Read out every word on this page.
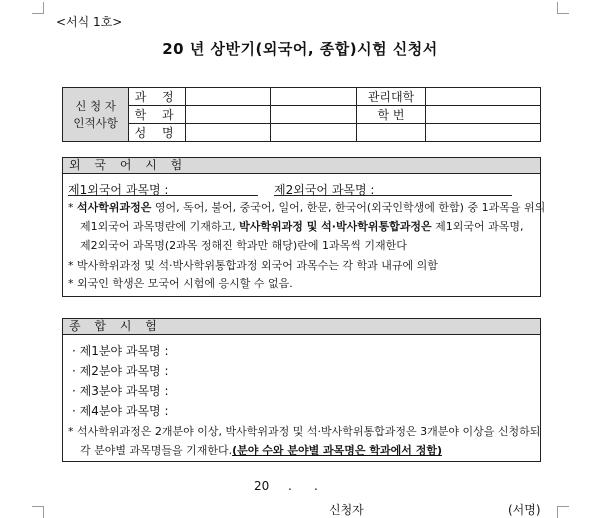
<서식 1호>
20 년 상반기(외국어, 종합)시험 신청서
신 청 자
인적사항	과 정			관리대학	
	학 과			학 번	
	성 명				
외 국 어 시 험
제1외국어 과목명 :	제2외국어 과목명 :
* 석사학위과정은 영어, 독어, 불어, 중국어, 일어, 한문, 한국어(외국인학생에 한함) 중 1과목을 위의
제1외국어 과목명란에 기재하고, 박사학위과정 및 석·박사학위통합과정은 제1외국어 과목명,
제2외국어 과목명(2과목 정해진 학과만 해당)란에 1과목씩 기재한다
* 박사학위과정 및 석·박사학위통합과정 외국어 과목수는 각 학과 내규에 의함
* 외국인 학생은 모국어 시험에 응시할 수 없음.
종 합 시 험
· 제1분야 과목명 :
· 제2분야 과목명 :
· 제3분야 과목명 :
· 제4분야 과목명 :
* 석사학위과정은 2개분야 이상, 박사학위과정 및 석·박사학위통합과정은 3개분야 이상을 신청하되
각 분야별 과목명들을 기재한다.(분야 수와 분야별 과목명은 학과에서 정함)
20 . .
신청자	(서명)
